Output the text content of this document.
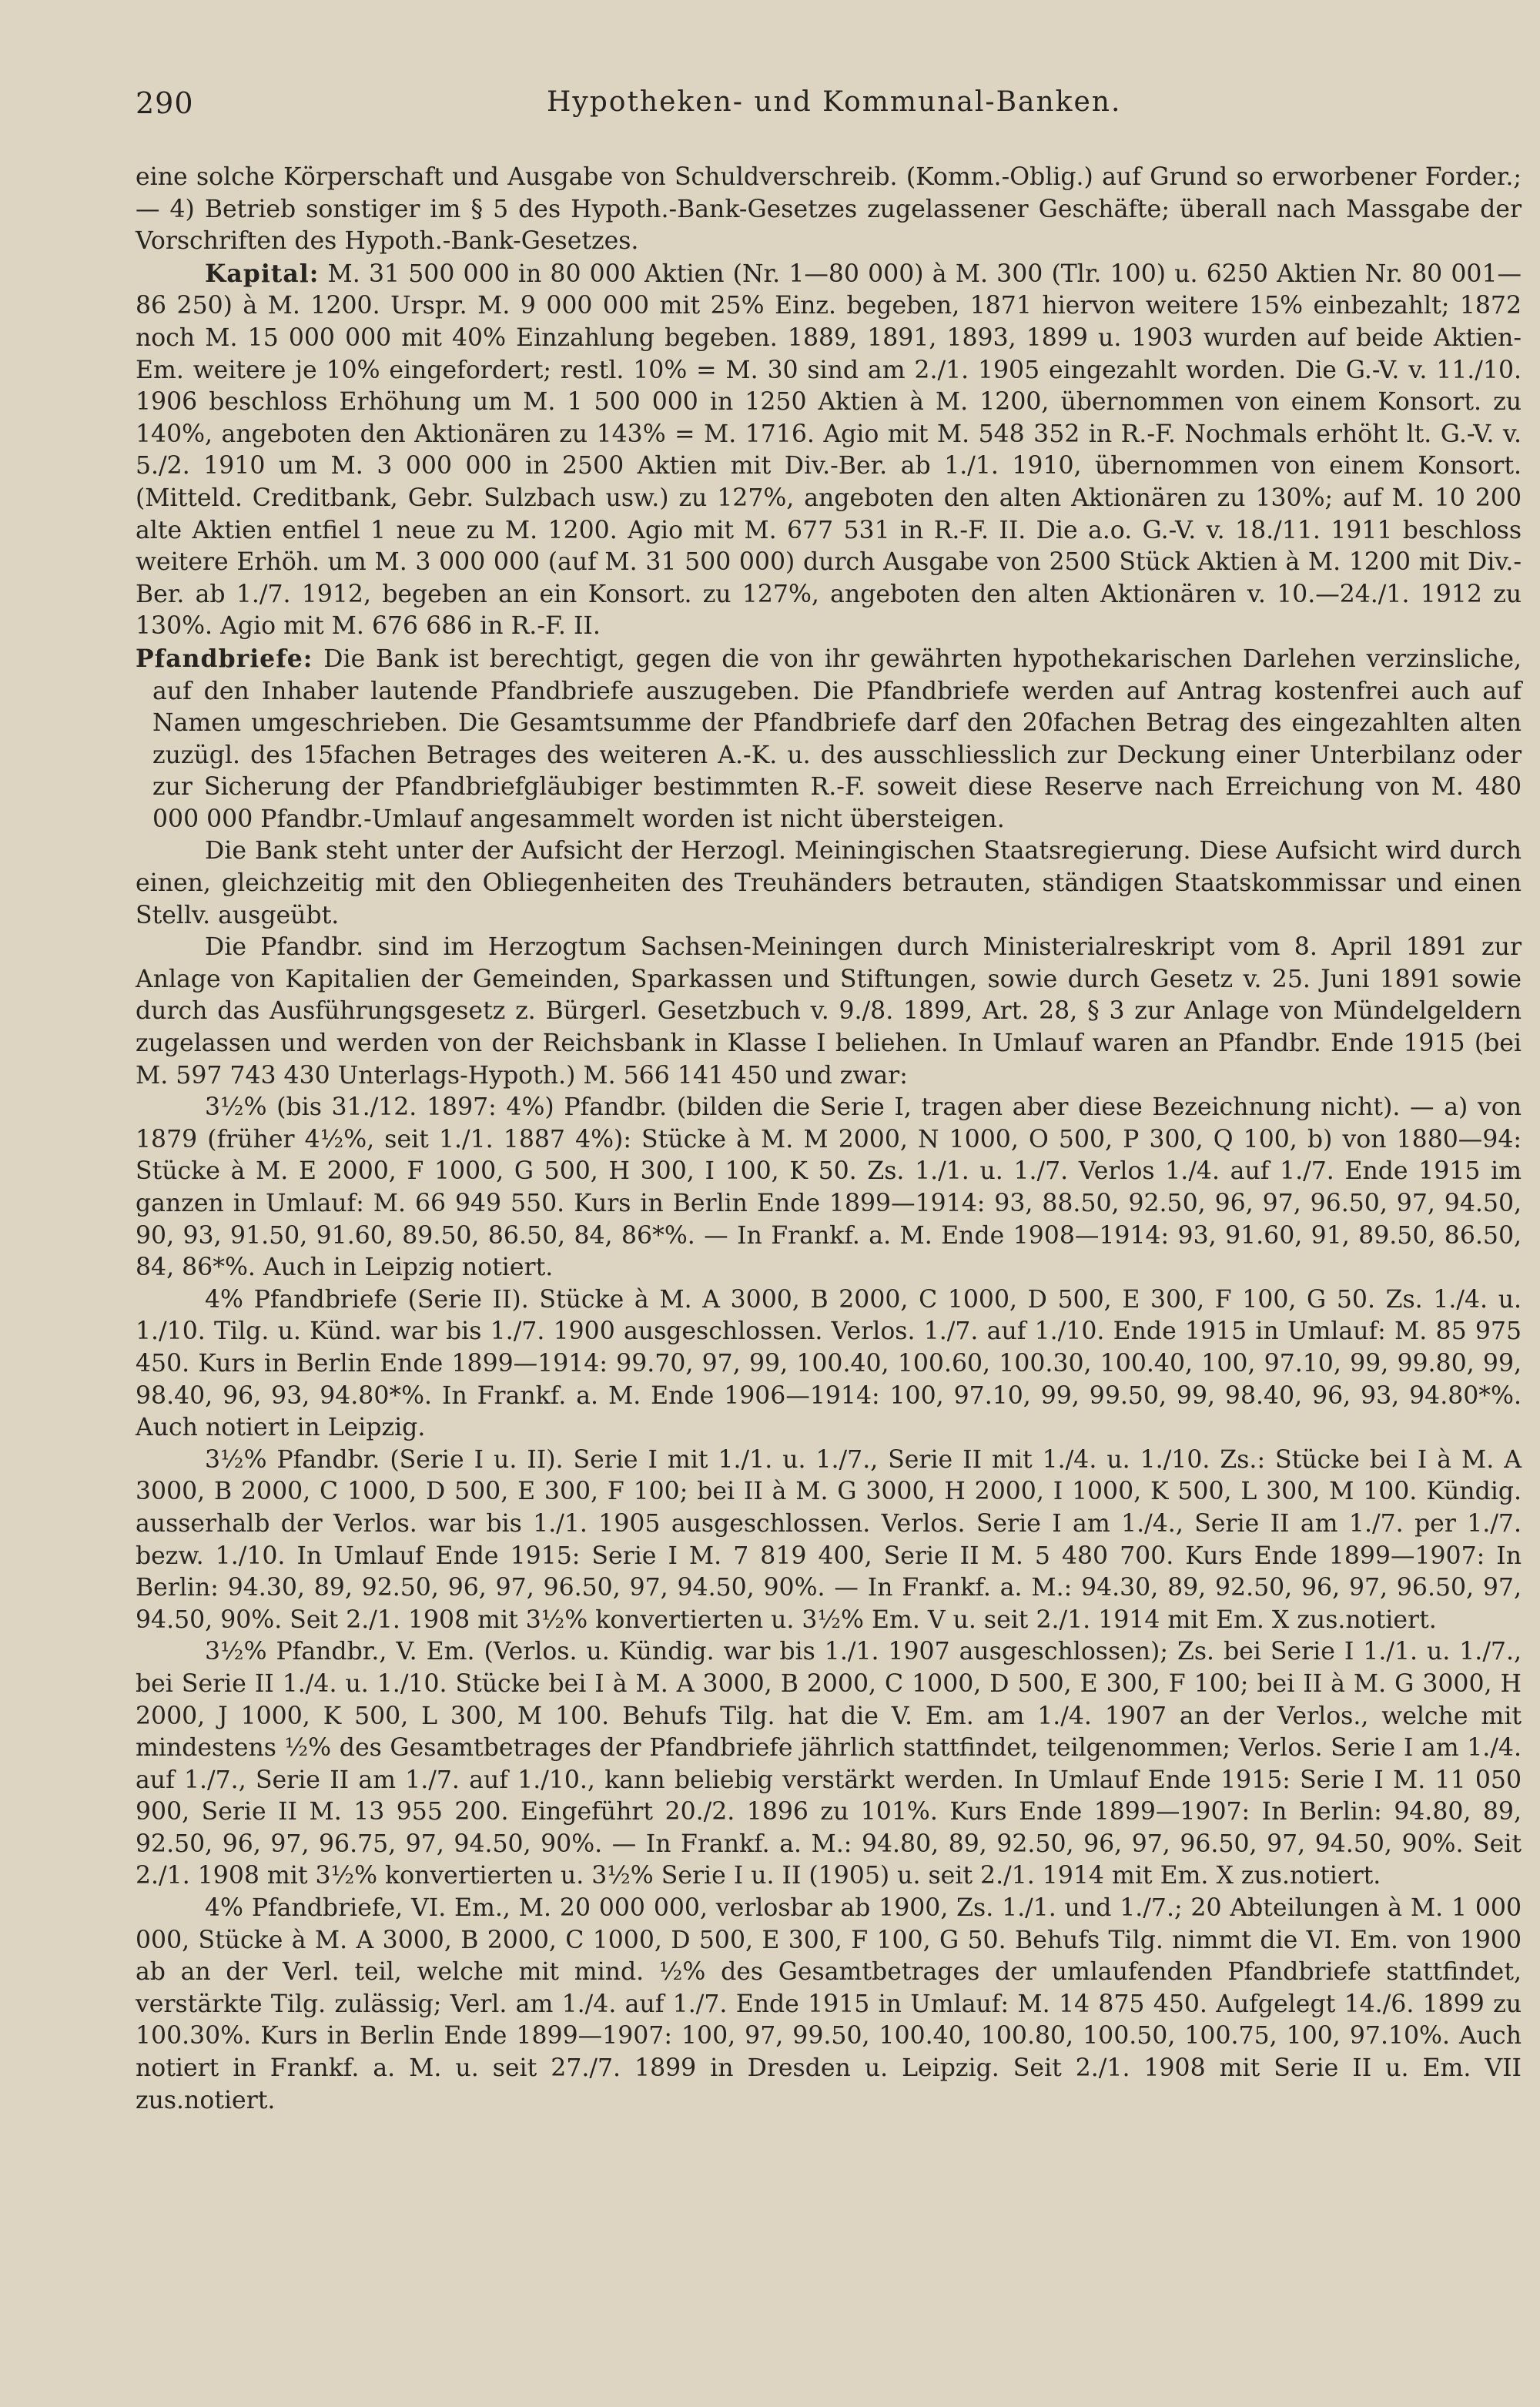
290	Hypotheken- und Kommunal-Banken.

eine solche Körperschaft und Ausgabe von Schuldverschreib. (Komm.-Oblig.) auf Grund so erworbener Forder.; — 4) Betrieb sonstiger im § 5 des Hypoth.-Bank-Gesetzes zugelassener Geschäfte; überall nach Massgabe der Vorschriften des Hypoth.-Bank-Gesetzes.

Kapital: M. 31 500 000 in 80 000 Aktien (Nr. 1—80 000) à M. 300 (Tlr. 100) u. 6250 Aktien Nr. 80 001—86 250) à M. 1200. Urspr. M. 9 000 000 mit 25% Einz. begeben, 1871 hiervon weitere 15% einbezahlt; 1872 noch M. 15 000 000 mit 40% Einzahlung begeben. 1889, 1891, 1893, 1899 u. 1903 wurden auf beide Aktien-Em. weitere je 10% eingefordert; restl. 10% = M. 30 sind am 2./1. 1905 eingezahlt worden. Die G.-V. v. 11./10. 1906 beschloss Erhöhung um M. 1 500 000 in 1250 Aktien à M. 1200, übernommen von einem Konsort. zu 140%, angeboten den Aktionären zu 143% = M. 1716. Agio mit M. 548 352 in R.-F. Nochmals erhöht lt. G.-V. v. 5./2. 1910 um M. 3 000 000 in 2500 Aktien mit Div.-Ber. ab 1./1. 1910, übernommen von einem Konsort. (Mitteld. Creditbank, Gebr. Sulzbach usw.) zu 127%, angeboten den alten Aktionären zu 130%; auf M. 10 200 alte Aktien entfiel 1 neue zu M. 1200. Agio mit M. 677 531 in R.-F. II. Die a.o. G.-V. v. 18./11. 1911 beschloss weitere Erhöh. um M. 3 000 000 (auf M. 31 500 000) durch Ausgabe von 2500 Stück Aktien à M. 1200 mit Div.-Ber. ab 1./7. 1912, begeben an ein Konsort. zu 127%, angeboten den alten Aktionären v. 10.—24./1. 1912 zu 130%. Agio mit M. 676 686 in R.-F. II.

Pfandbriefe: Die Bank ist berechtigt, gegen die von ihr gewährten hypothekarischen Darlehen verzinsliche, auf den Inhaber lautende Pfandbriefe auszugeben. Die Pfandbriefe werden auf Antrag kostenfrei auch auf Namen umgeschrieben. Die Gesamtsumme der Pfandbriefe darf den 20fachen Betrag des eingezahlten alten zuzügl. des 15fachen Betrages des weiteren A.-K. u. des ausschliesslich zur Deckung einer Unterbilanz oder zur Sicherung der Pfandbriefgläubiger bestimmten R.-F. soweit diese Reserve nach Erreichung von M. 480 000 000 Pfandbr.-Umlauf angesammelt worden ist nicht übersteigen.

Die Bank steht unter der Aufsicht der Herzogl. Meiningischen Staatsregierung. Diese Aufsicht wird durch einen, gleichzeitig mit den Obliegenheiten des Treuhänders betrauten, ständigen Staatskommissar und einen Stellv. ausgeübt.

Die Pfandbr. sind im Herzogtum Sachsen-Meiningen durch Ministerialreskript vom 8. April 1891 zur Anlage von Kapitalien der Gemeinden, Sparkassen und Stiftungen, sowie durch Gesetz v. 25. Juni 1891 sowie durch das Ausführungsgesetz z. Bürgerl. Gesetzbuch v. 9./8. 1899, Art. 28, § 3 zur Anlage von Mündelgeldern zugelassen und werden von der Reichsbank in Klasse I beliehen. In Umlauf waren an Pfandbr. Ende 1915 (bei M. 597 743 430 Unterlags-Hypoth.) M. 566 141 450 und zwar:

3½% (bis 31./12. 1897: 4%) Pfandbr. (bilden die Serie I, tragen aber diese Bezeichnung nicht). — a) von 1879 (früher 4½%, seit 1./1. 1887 4%): Stücke à M. M 2000, N 1000, O 500, P 300, Q 100, b) von 1880—94: Stücke à M. E 2000, F 1000, G 500, H 300, I 100, K 50. Zs. 1./1. u. 1./7. Verlos 1./4. auf 1./7. Ende 1915 im ganzen in Umlauf: M. 66 949 550. Kurs in Berlin Ende 1899—1914: 93, 88.50, 92.50, 96, 97, 96.50, 97, 94.50, 90, 93, 91.50, 91.60, 89.50, 86.50, 84, 86*%. — In Frankf. a. M. Ende 1908—1914: 93, 91.60, 91, 89.50, 86.50, 84, 86*%. Auch in Leipzig notiert.

4% Pfandbriefe (Serie II). Stücke à M. A 3000, B 2000, C 1000, D 500, E 300, F 100, G 50. Zs. 1./4. u. 1./10. Tilg. u. Künd. war bis 1./7. 1900 ausgeschlossen. Verlos. 1./7. auf 1./10. Ende 1915 in Umlauf: M. 85 975 450. Kurs in Berlin Ende 1899—1914: 99.70, 97, 99, 100.40, 100.60, 100.30, 100.40, 100, 97.10, 99, 99.80, 99, 98.40, 96, 93, 94.80*%. In Frankf. a. M. Ende 1906—1914: 100, 97.10, 99, 99.50, 99, 98.40, 96, 93, 94.80*%. Auch notiert in Leipzig.

3½% Pfandbr. (Serie I u. II). Serie I mit 1./1. u. 1./7., Serie II mit 1./4. u. 1./10. Zs.: Stücke bei I à M. A 3000, B 2000, C 1000, D 500, E 300, F 100; bei II à M. G 3000, H 2000, I 1000, K 500, L 300, M 100. Kündig. ausserhalb der Verlos. war bis 1./1. 1905 ausgeschlossen. Verlos. Serie I am 1./4., Serie II am 1./7. per 1./7. bezw. 1./10. In Umlauf Ende 1915: Serie I M. 7 819 400, Serie II M. 5 480 700. Kurs Ende 1899—1907: In Berlin: 94.30, 89, 92.50, 96, 97, 96.50, 97, 94.50, 90%. — In Frankf. a. M.: 94.30, 89, 92.50, 96, 97, 96.50, 97, 94.50, 90%. Seit 2./1. 1908 mit 3½% konvertierten u. 3½% Em. V u. seit 2./1. 1914 mit Em. X zus.notiert.

3½% Pfandbr., V. Em. (Verlos. u. Kündig. war bis 1./1. 1907 ausgeschlossen); Zs. bei Serie I 1./1. u. 1./7., bei Serie II 1./4. u. 1./10. Stücke bei I à M. A 3000, B 2000, C 1000, D 500, E 300, F 100; bei II à M. G 3000, H 2000, J 1000, K 500, L 300, M 100. Behufs Tilg. hat die V. Em. am 1./4. 1907 an der Verlos., welche mit mindestens ½% des Gesamtbetrages der Pfandbriefe jährlich stattfindet, teilgenommen; Verlos. Serie I am 1./4. auf 1./7., Serie II am 1./7. auf 1./10., kann beliebig verstärkt werden. In Umlauf Ende 1915: Serie I M. 11 050 900, Serie II M. 13 955 200. Eingeführt 20./2. 1896 zu 101%. Kurs Ende 1899—1907: In Berlin: 94.80, 89, 92.50, 96, 97, 96.75, 97, 94.50, 90%. — In Frankf. a. M.: 94.80, 89, 92.50, 96, 97, 96.50, 97, 94.50, 90%. Seit 2./1. 1908 mit 3½% konvertierten u. 3½% Serie I u. II (1905) u. seit 2./1. 1914 mit Em. X zus.notiert.

4% Pfandbriefe, VI. Em., M. 20 000 000, verlosbar ab 1900, Zs. 1./1. und 1./7.; 20 Abteilungen à M. 1 000 000, Stücke à M. A 3000, B 2000, C 1000, D 500, E 300, F 100, G 50. Behufs Tilg. nimmt die VI. Em. von 1900 ab an der Verl. teil, welche mit mind. ½% des Gesamtbetrages der umlaufenden Pfandbriefe stattfindet, verstärkte Tilg. zulässig; Verl. am 1./4. auf 1./7. Ende 1915 in Umlauf: M. 14 875 450. Aufgelegt 14./6. 1899 zu 100.30%. Kurs in Berlin Ende 1899—1907: 100, 97, 99.50, 100.40, 100.80, 100.50, 100.75, 100, 97.10%. Auch notiert in Frankf. a. M. u. seit 27./7. 1899 in Dresden u. Leipzig. Seit 2./1. 1908 mit Serie II u. Em. VII zus.notiert.
